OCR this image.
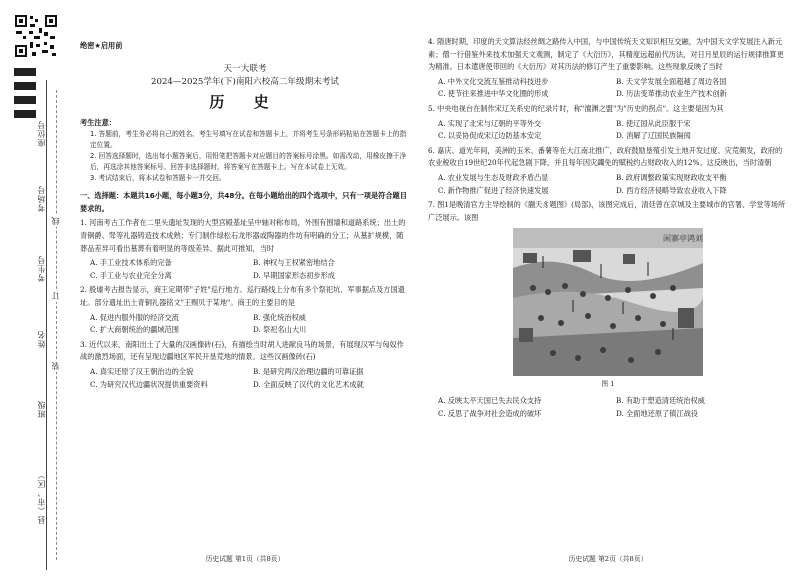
座位号
考场号
考生号
姓名
班级
县（市、区）
线
订
装
绝密★启用前
天一大联考
2024—2025学年(下)南阳六校高二年级期末考试
历 史
考生注意：

1. 答题前，考生务必将自己的姓名、考生号填写在试卷和答题卡上，并将考生号条形码粘贴在答题卡上的指定位置。

2. 回答选择题时，选出每小题答案后，用铅笔把答题卡对应题目的答案标号涂黑。如需改动，用橡皮擦干净后，再选涂其他答案标号。回答非选择题时，将答案写在答题卡上。写在本试卷上无效。

3. 考试结束后，将本试卷和答题卡一并交回。

一、选择题：本题共16小题，每小题3分，共48分。在每小题给出的四个选项中，只有一项是符合题目要求的。

1. 河南考古工作者在二里头遗址发现的大型宫殿基址呈中轴对称布局，外围有围墙和道路系统；出土的青铜爵、斝等礼器铸造技术成熟；专门制作绿松石龙形器或陶器的作坊有明确的分工；从墓扩规模，随葬品差异可看出墓葬有着明显的等级差异。据此可推知，当时

A. 手工业技术体系的完备	B. 神权与王权紧密地结合
C. 手工业与农业完全分离	D. 早期国家形态初步形成

2. 殷墟考古报告显示，商王定期带"子姓"巡行地方。巡行路线上分布有多个祭祀坑、军事据点及方国遗址。部分遗址出土青铜礼器铭文"王赐贝于某地"。商王的主要目的是

A. 促进内服外服的经济交流	B. 强化统治权威
C. 扩大商朝统治的疆域范围	D. 祭祀名山大川

3. 近代以来，南阳出土了大量的汉画像砖(石)，有描绘当时胡人进献良马的场景，有展现汉军与匈奴作战的激烈场面，还有呈现边疆地区军民开垦荒地的情景。这些汉画像砖(石)

A. 真实还原了汉王朝治边的全貌	B. 是研究两汉治理边疆的可靠证据
C. 为研究汉代边疆状况提供重要资料	D. 全面反映了汉代的文化艺术成就
历史试题 第1页（共8页）

4. 隋唐时期，印度的天文算法经丝绸之路传入中国，与中国传统天文知识相互交融，为中国天文学发展注入新元素；僧一行借鉴外来技术加强天文观测，制定了《大衍历》，其精度远超前代历法，对日月星辰的运行规律推算更为精准。日本遣唐使带回的《大衍历》对其历法的修订产生了重要影响。这些现象反映了当时

A. 中外文化交流互鉴推动科技进步	B. 天文学发展全面超越了周边各国
C. 使节往来推进中华文化圈的形成	D. 历法变革推动农业生产技术创新

5. 中央电视台在制作宋辽关系史的纪录片时，称"澶渊之盟"为"历史的拐点"。这主要是因为其

A. 实现了北宋与辽朝的平等外交	B. 使辽国从此臣服于宋
C. 以妥协促成宋辽边防基本安定	D. 消解了辽国民族隔阂

6. 嘉庆、道光年间，美洲的玉米、番薯等在大江南北推广，政府鼓励垦殖引发土地开发过度、灾荒频发，政府的农业税收自19世纪20年代起急剧下降，并且每年因灾蠲免的赋税约占财政收入的12%。这反映出，当时清朝

A. 农业发展与生态及财政矛盾凸显	B. 政府调整政策实现财政收支平衡
C. 新作物推广促进了经济快速发展	D. 西方经济侵略导致农业收入下降

7. 图1是晚清官方主导绘制的《蒯天豸题图》(局部)，该图完成后，清廷曾在京城及主要城市的官署、学堂等场所广泛展示。该图

闲寨亭鸿刘
图 1
A. 反映太平天国已失去民众支持	B. 有助于塑造清廷统治权威
C. 反思了战争对社会造成的破坏	D. 全面地还原了镇江战役
历史试题 第2页（共8页）
